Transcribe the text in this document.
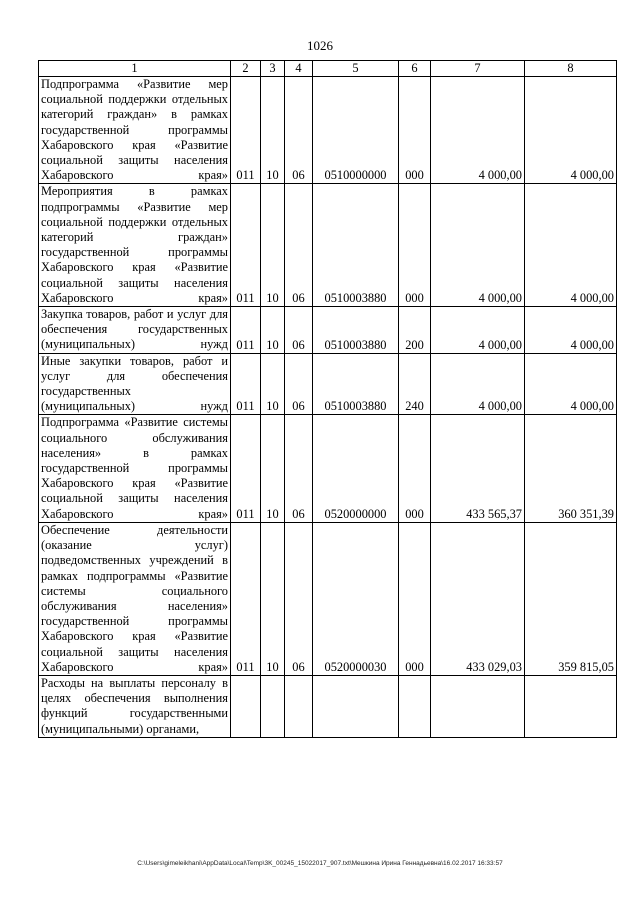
1026
1	2	3	4	5	6	7	8
Подпрограмма «Развитие мер социальной поддержки отдельных категорий граждан» в рамках государственной программы Хабаровского края «Развитие социальной защиты населения Хабаровского края»	011	10	06	0510000000	000	4 000,00	4 000,00
Мероприятия в рамках подпрограммы «Развитие мер социальной поддержки отдельных категорий граждан» государственной программы Хабаровского края «Развитие социальной защиты населения Хабаровского края»	011	10	06	0510003880	000	4 000,00	4 000,00
Закупка товаров, работ и услуг для обеспечения государственных (муниципальных) нужд	011	10	06	0510003880	200	4 000,00	4 000,00
Иные закупки товаров, работ и услуг для обеспечения государственных (муниципальных) нужд	011	10	06	0510003880	240	4 000,00	4 000,00
Подпрограмма «Развитие системы социального обслуживания населения» в рамках государственной программы Хабаровского края «Развитие социальной защиты населения Хабаровского края»	011	10	06	0520000000	000	433 565,37	360 351,39
Обеспечение деятельности (оказание услуг) подведомственных учреждений в рамках подпрограммы «Развитие системы социального обслуживания населения» государственной программы Хабаровского края «Развитие социальной защиты населения Хабаровского края»	011	10	06	0520000030	000	433 029,03	359 815,05
Расходы на выплаты персоналу в целях обеспечения выполнения функций государственными (муниципальными) органами,							
C:\Users\gimeleikhani\AppData\Local\Temp\3K_00245_15022017_907.txt\Мешкина Ирина Геннадьевна\16.02.2017 16:33:57
